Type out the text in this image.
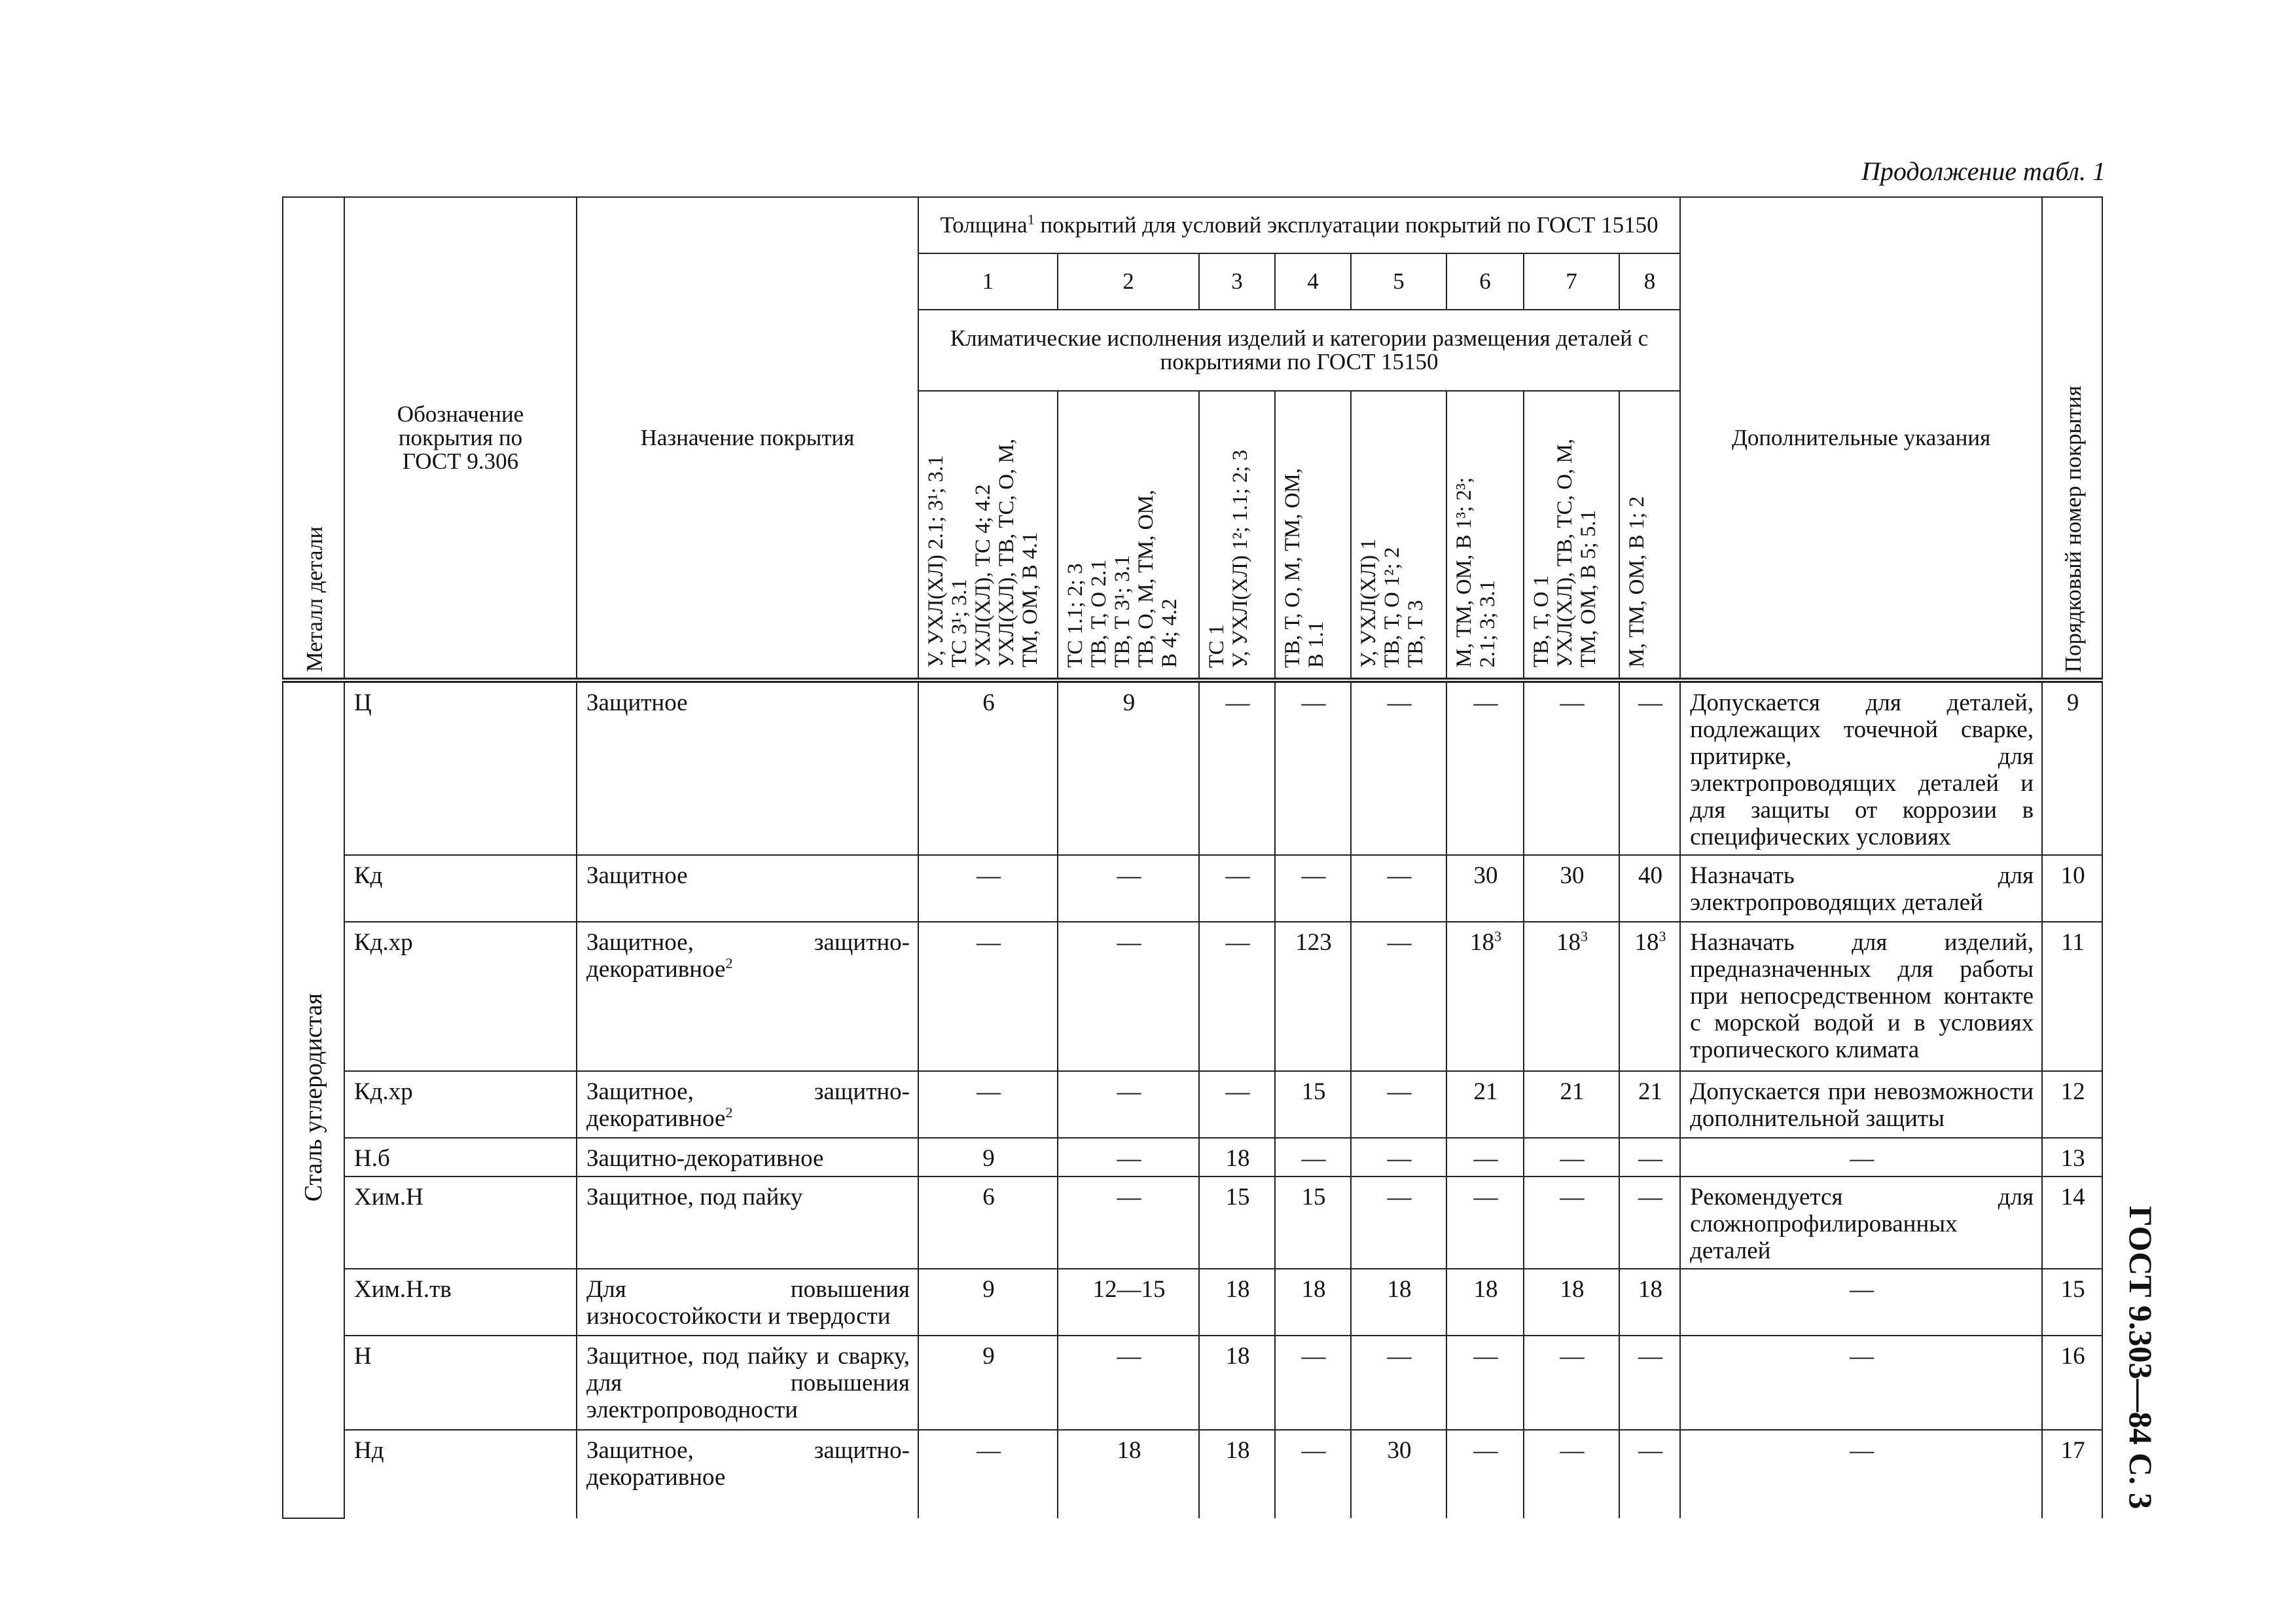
Продолжение табл. 1
ГОСТ 9.303—84 С. 3
Металл детали	Обозначение покрытия по ГОСТ 9.306	Назначение покрытия	Толщина$^1$ покрытий для условий эксплуатации покрытий по ГОСТ 15150								Дополнительные указания	Порядковый номер покрытия

			1	2	3	4	5	6	7	8		

			Климатические исполнения изделий и категории размещения деталей с покрытиями по ГОСТ 15150									

			У, УХЛ(ХЛ) 2.1; 3¹; 3.1
ТС 3¹; 3.1
УХЛ(ХЛ), ТС 4; 4.2
УХЛ(ХЛ), ТВ, ТС, О, М,
ТМ, ОМ, В 4.1	ТС 1.1; 2; 3
ТВ, Т, О 2.1
ТВ, Т 3¹; 3.1
ТВ, О, М, ТМ, ОМ,
В 4; 4.2	ТС 1
У, УХЛ(ХЛ) 1²; 1.1; 2; 3	ТВ, Т, О, М, ТМ, ОМ,
В 1.1	У, УХЛ(ХЛ) 1
ТВ, Т, О 1²; 2
ТВ, Т 3	М, ТМ, ОМ, В 1³; 2³;
2.1; 3; 3.1	ТВ, Т, О 1
УХЛ(ХЛ), ТВ, ТС, О, М,
ТМ, ОМ, В 5; 5.1	М, ТМ, ОМ, В 1; 2		
Сталь углеродистая	Ц	Защитное	6	9	—	—	—	—	—	—	Допускается для деталей, подлежащих точечной сварке, притирке, для электропроводящих деталей и для защиты от коррозии в специфических условиях	9
	Кд	Защитное	—	—	—	—	—	30	30	40	Назначать для электропроводящих деталей	10
	Кд.хр	Защитное, защитно-декоративное$^2$	—	—	—	123	—	$18^3$	$18^3$	$18^3$	Назначать для изделий, предназначенных для работы при непосредственном контакте с морской водой и в условиях тропического климата	11
	Кд.хр	Защитное, защитно-декоративное$^2$	—	—	—	15	—	21	21	21	Допускается при невозможности дополнительной защиты	12
	Н.б	Защитно-декоративное	9	—	18	—	—	—	—	—	—	13
	Хим.Н	Защитное, под пайку	6	—	15	15	—	—	—	—	Рекомендуется для сложнопрофилированных деталей	14
	Хим.Н.тв	Для повышения износостойкости и твердости	9	12—15	18	18	18	18	18	18	—	15
	Н	Защитное, под пайку и сварку, для повышения электропроводности	9	—	18	—	—	—	—	—	—	16
	Нд	Защитное, защитно-декоративное	—	18	18	—	30	—	—	—	—	17
